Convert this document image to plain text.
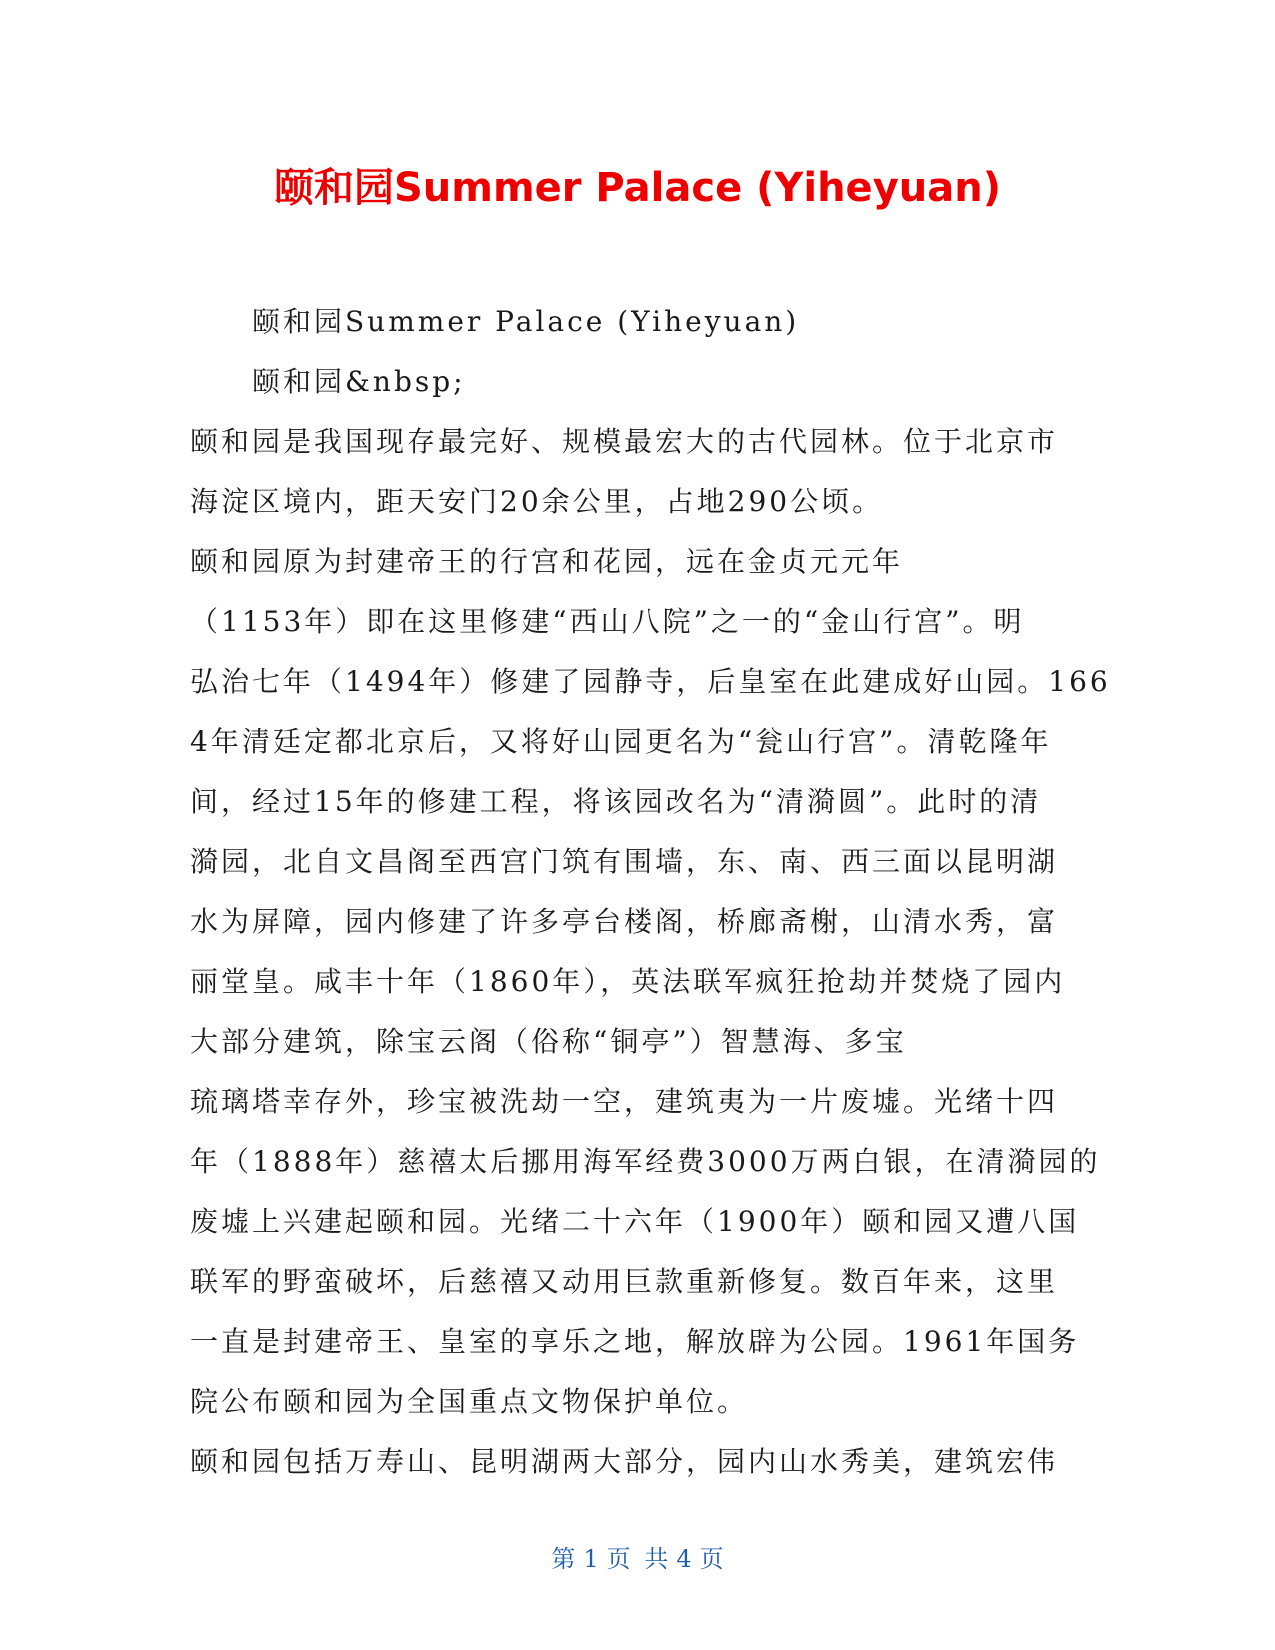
颐和园Summer Palace (Yiheyuan)

颐和园Summer Palace (Yiheyuan)

颐和园&nbsp;

颐和园是我国现存最完好、规模最宏大的古代园林。位于北京市

海淀区境内，距天安门20余公里，占地290公顷。

颐和园原为封建帝王的行宫和花园，远在金贞元元年

（1153年）即在这里修建“西山八院”之一的“金山行宫”。明

弘治七年（1494年）修建了园静寺，后皇室在此建成好山园。166

4年清廷定都北京后，又将好山园更名为“瓮山行宫”。清乾隆年

间，经过15年的修建工程，将该园改名为“清漪圆”。此时的清

漪园，北自文昌阁至西宫门筑有围墙，东、南、西三面以昆明湖

水为屏障，园内修建了许多亭台楼阁，桥廊斋榭，山清水秀，富

丽堂皇。咸丰十年（1860年），英法联军疯狂抢劫并焚烧了园内

大部分建筑，除宝云阁（俗称“铜亭”）智慧海、多宝

琉璃塔幸存外，珍宝被洗劫一空，建筑夷为一片废墟。光绪十四

年（1888年）慈禧太后挪用海军经费3000万两白银，在清漪园的

废墟上兴建起颐和园。光绪二十六年（1900年）颐和园又遭八国

联军的野蛮破坏，后慈禧又动用巨款重新修复。数百年来，这里

一直是封建帝王、皇室的享乐之地，解放辟为公园。1961年国务

院公布颐和园为全国重点文物保护单位。

颐和园包括万寿山、昆明湖两大部分，园内山水秀美，建筑宏伟

第 1 页 共 4 页
